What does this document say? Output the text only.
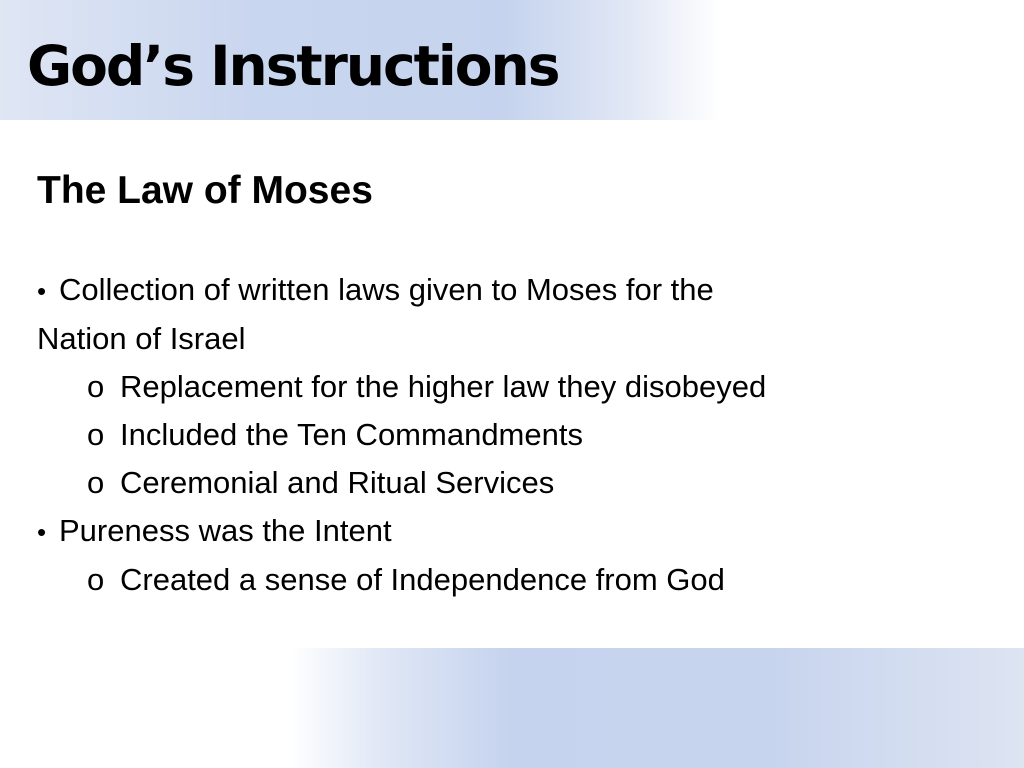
God’s Instructions
The Law of Moses
• Collection of written laws given to Moses for the
Nation of Israel
o Replacement for the higher law they disobeyed
o Included the Ten Commandments
o Ceremonial and Ritual Services
• Pureness was the Intent
o Created a sense of Independence from God
